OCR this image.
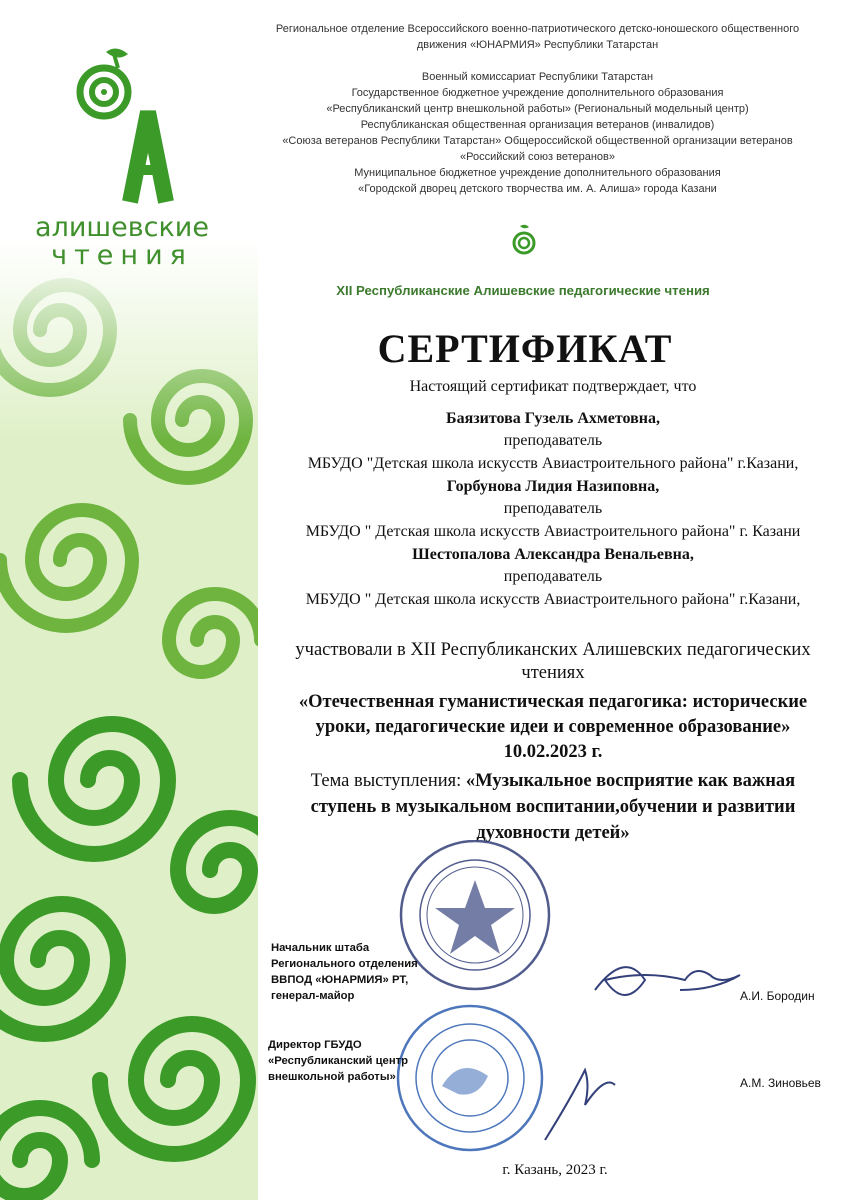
алишевские
чтения
Региональное отделение Всероссийского военно-патриотического детско-юношеского общественного
движения «ЮНАРМИЯ» Республики Татарстан
Военный комиссариат Республики Татарстан
Государственное бюджетное учреждение дополнительного образования
«Республиканский центр внешкольной работы» (Региональный модельный центр)
Республиканская общественная организация ветеранов (инвалидов)
«Союза ветеранов Республики Татарстан» Общероссийской общественной организации ветеранов
«Российский союз ветеранов»
Муниципальное бюджетное учреждение дополнительного образования
«Городской дворец детского творчества им. А. Алиша» города Казани
XII Республиканские Алишевские педагогические чтения
СЕРТИФИКАТ
Настоящий сертификат подтверждает, что
Баязитова Гузель Ахметовна,
преподаватель
МБУДО "Детская школа искусств Авиастроительного района" г.Казани,
Горбунова Лидия Назиповна,
преподаватель
МБУДО " Детская школа искусств Авиастроительного района" г. Казани
Шестопалова Александра Венальевна,
преподаватель
МБУДО " Детская школа искусств Авиастроительного района" г.Казани,
участвовали в XII Республиканских Алишевских педагогических
чтениях
«Отечественная гуманистическая педагогика: исторические
уроки, педагогические идеи и современное образование»
10.02.2023 г.
Тема выступления: «Музыкальное восприятие как важная
ступень в музыкальном воспитании,обучении и развитии
духовности детей»
Начальник штаба
Регионального отделения
ВВПОД «ЮНАРМИЯ» РТ,
генерал-майор	А.И. Бородин
Директор ГБУДО
«Республиканский центр
внешкольной работы»	А.М. Зиновьев
г. Казань, 2023 г.
